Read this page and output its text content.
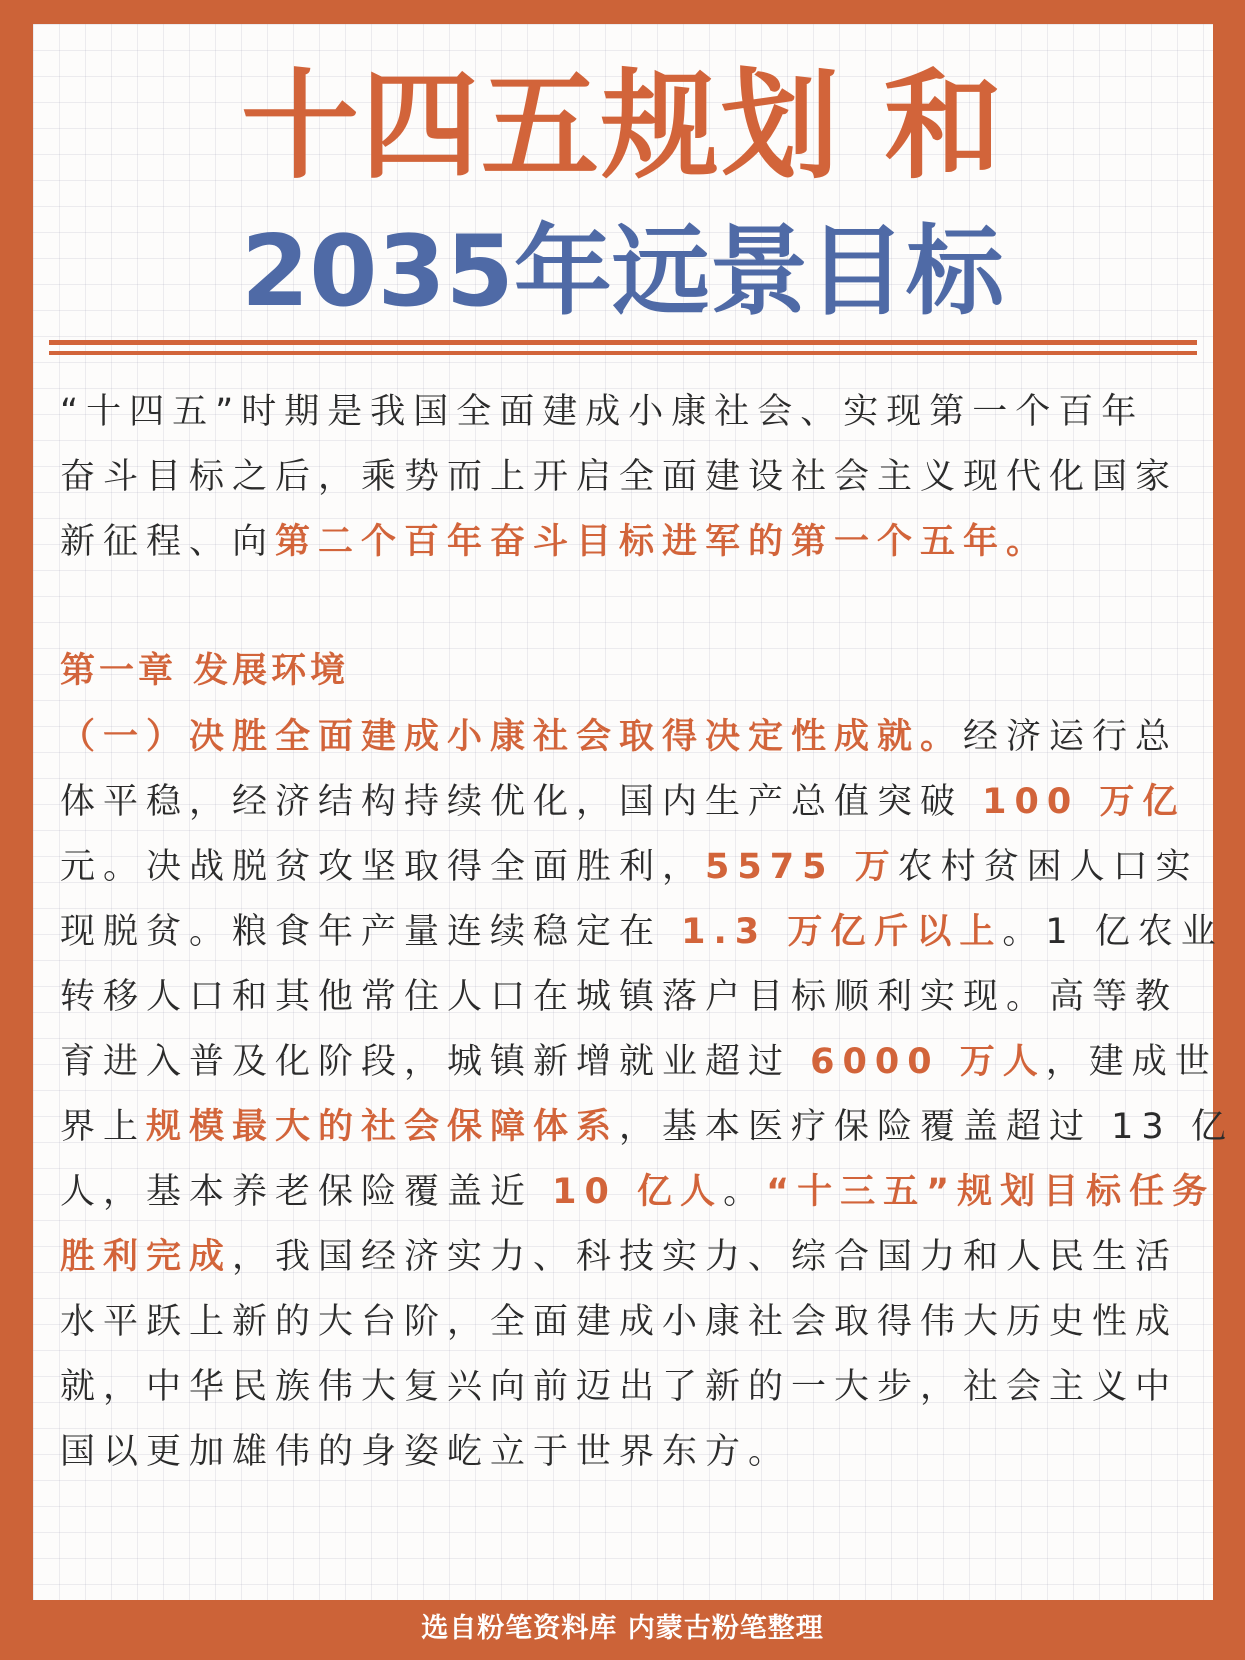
十四五规划 和
2035年远景目标
“十四五”时期是我国全面建成小康社会、实现第一个百年
奋斗目标之后，乘势而上开启全面建设社会主义现代化国家
新征程、向第二个百年奋斗目标进军的第一个五年。
第一章 发展环境
（一）决胜全面建成小康社会取得决定性成就。经济运行总
体平稳，经济结构持续优化，国内生产总值突破 100 万亿
元。决战脱贫攻坚取得全面胜利，5575 万农村贫困人口实
现脱贫。粮食年产量连续稳定在 1.3 万亿斤以上。1 亿农业
转移人口和其他常住人口在城镇落户目标顺利实现。高等教
育进入普及化阶段，城镇新增就业超过 6000 万人，建成世
界上规模最大的社会保障体系，基本医疗保险覆盖超过 13 亿
人，基本养老保险覆盖近 10 亿人。“十三五”规划目标任务
胜利完成，我国经济实力、科技实力、综合国力和人民生活
水平跃上新的大台阶，全面建成小康社会取得伟大历史性成
就，中华民族伟大复兴向前迈出了新的一大步，社会主义中
国以更加雄伟的身姿屹立于世界东方。
选自粉笔资料库 内蒙古粉笔整理
